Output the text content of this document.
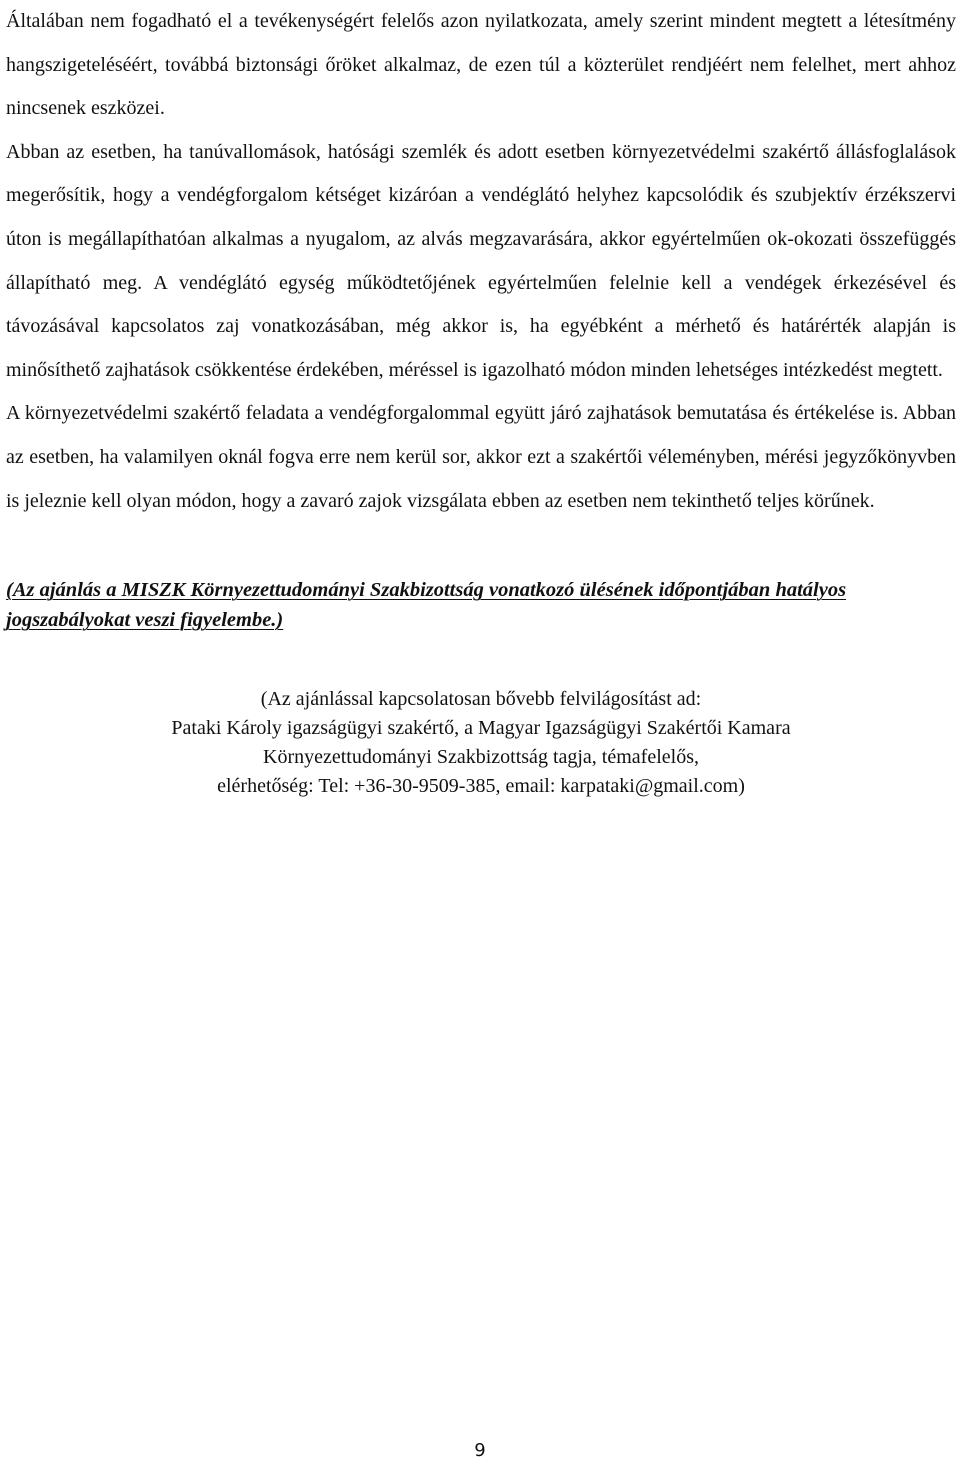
Általában nem fogadható el a tevékenységért felelős azon nyilatkozata, amely szerint mindent megtett a létesítmény hangszigeteléséért, továbbá biztonsági őröket alkalmaz, de ezen túl a közterület rendjéért nem felelhet, mert ahhoz nincsenek eszközei.

Abban az esetben, ha tanúvallomások, hatósági szemlék és adott esetben környezetvédelmi szakértő állásfoglalások megerősítik, hogy a vendégforgalom kétséget kizáróan a vendéglátó helyhez kapcsolódik és szubjektív érzékszervi úton is megállapíthatóan alkalmas a nyugalom, az alvás megzavarására, akkor egyértelműen ok-okozati összefüggés állapítható meg. A vendéglátó egység működtetőjének egyértelműen felelnie kell a vendégek érkezésével és távozásával kapcsolatos zaj vonatkozásában, még akkor is, ha egyébként a mérhető és határérték alapján is minősíthető zajhatások csökkentése érdekében, méréssel is igazolható módon minden lehetséges intézkedést megtett.

A környezetvédelmi szakértő feladata a vendégforgalommal együtt járó zajhatások bemutatása és értékelése is. Abban az esetben, ha valamilyen oknál fogva erre nem kerül sor, akkor ezt a szakértői véleményben, mérési jegyzőkönyvben is jeleznie kell olyan módon, hogy a zavaró zajok vizsgálata ebben az esetben nem tekinthető teljes körűnek.

(Az ajánlás a MISZK Környezettudományi Szakbizottság vonatkozó ülésének időpontjában hatályos jogszabályokat veszi figyelembe.)

(Az ajánlással kapcsolatosan bővebb felvilágosítást ad:
Pataki Károly igazságügyi szakértő, a Magyar Igazságügyi Szakértői Kamara
Környezettudományi Szakbizottság tagja, témafelelős,
elérhetőség: Tel: +36-30-9509-385, email: karpataki@gmail.com)
9
